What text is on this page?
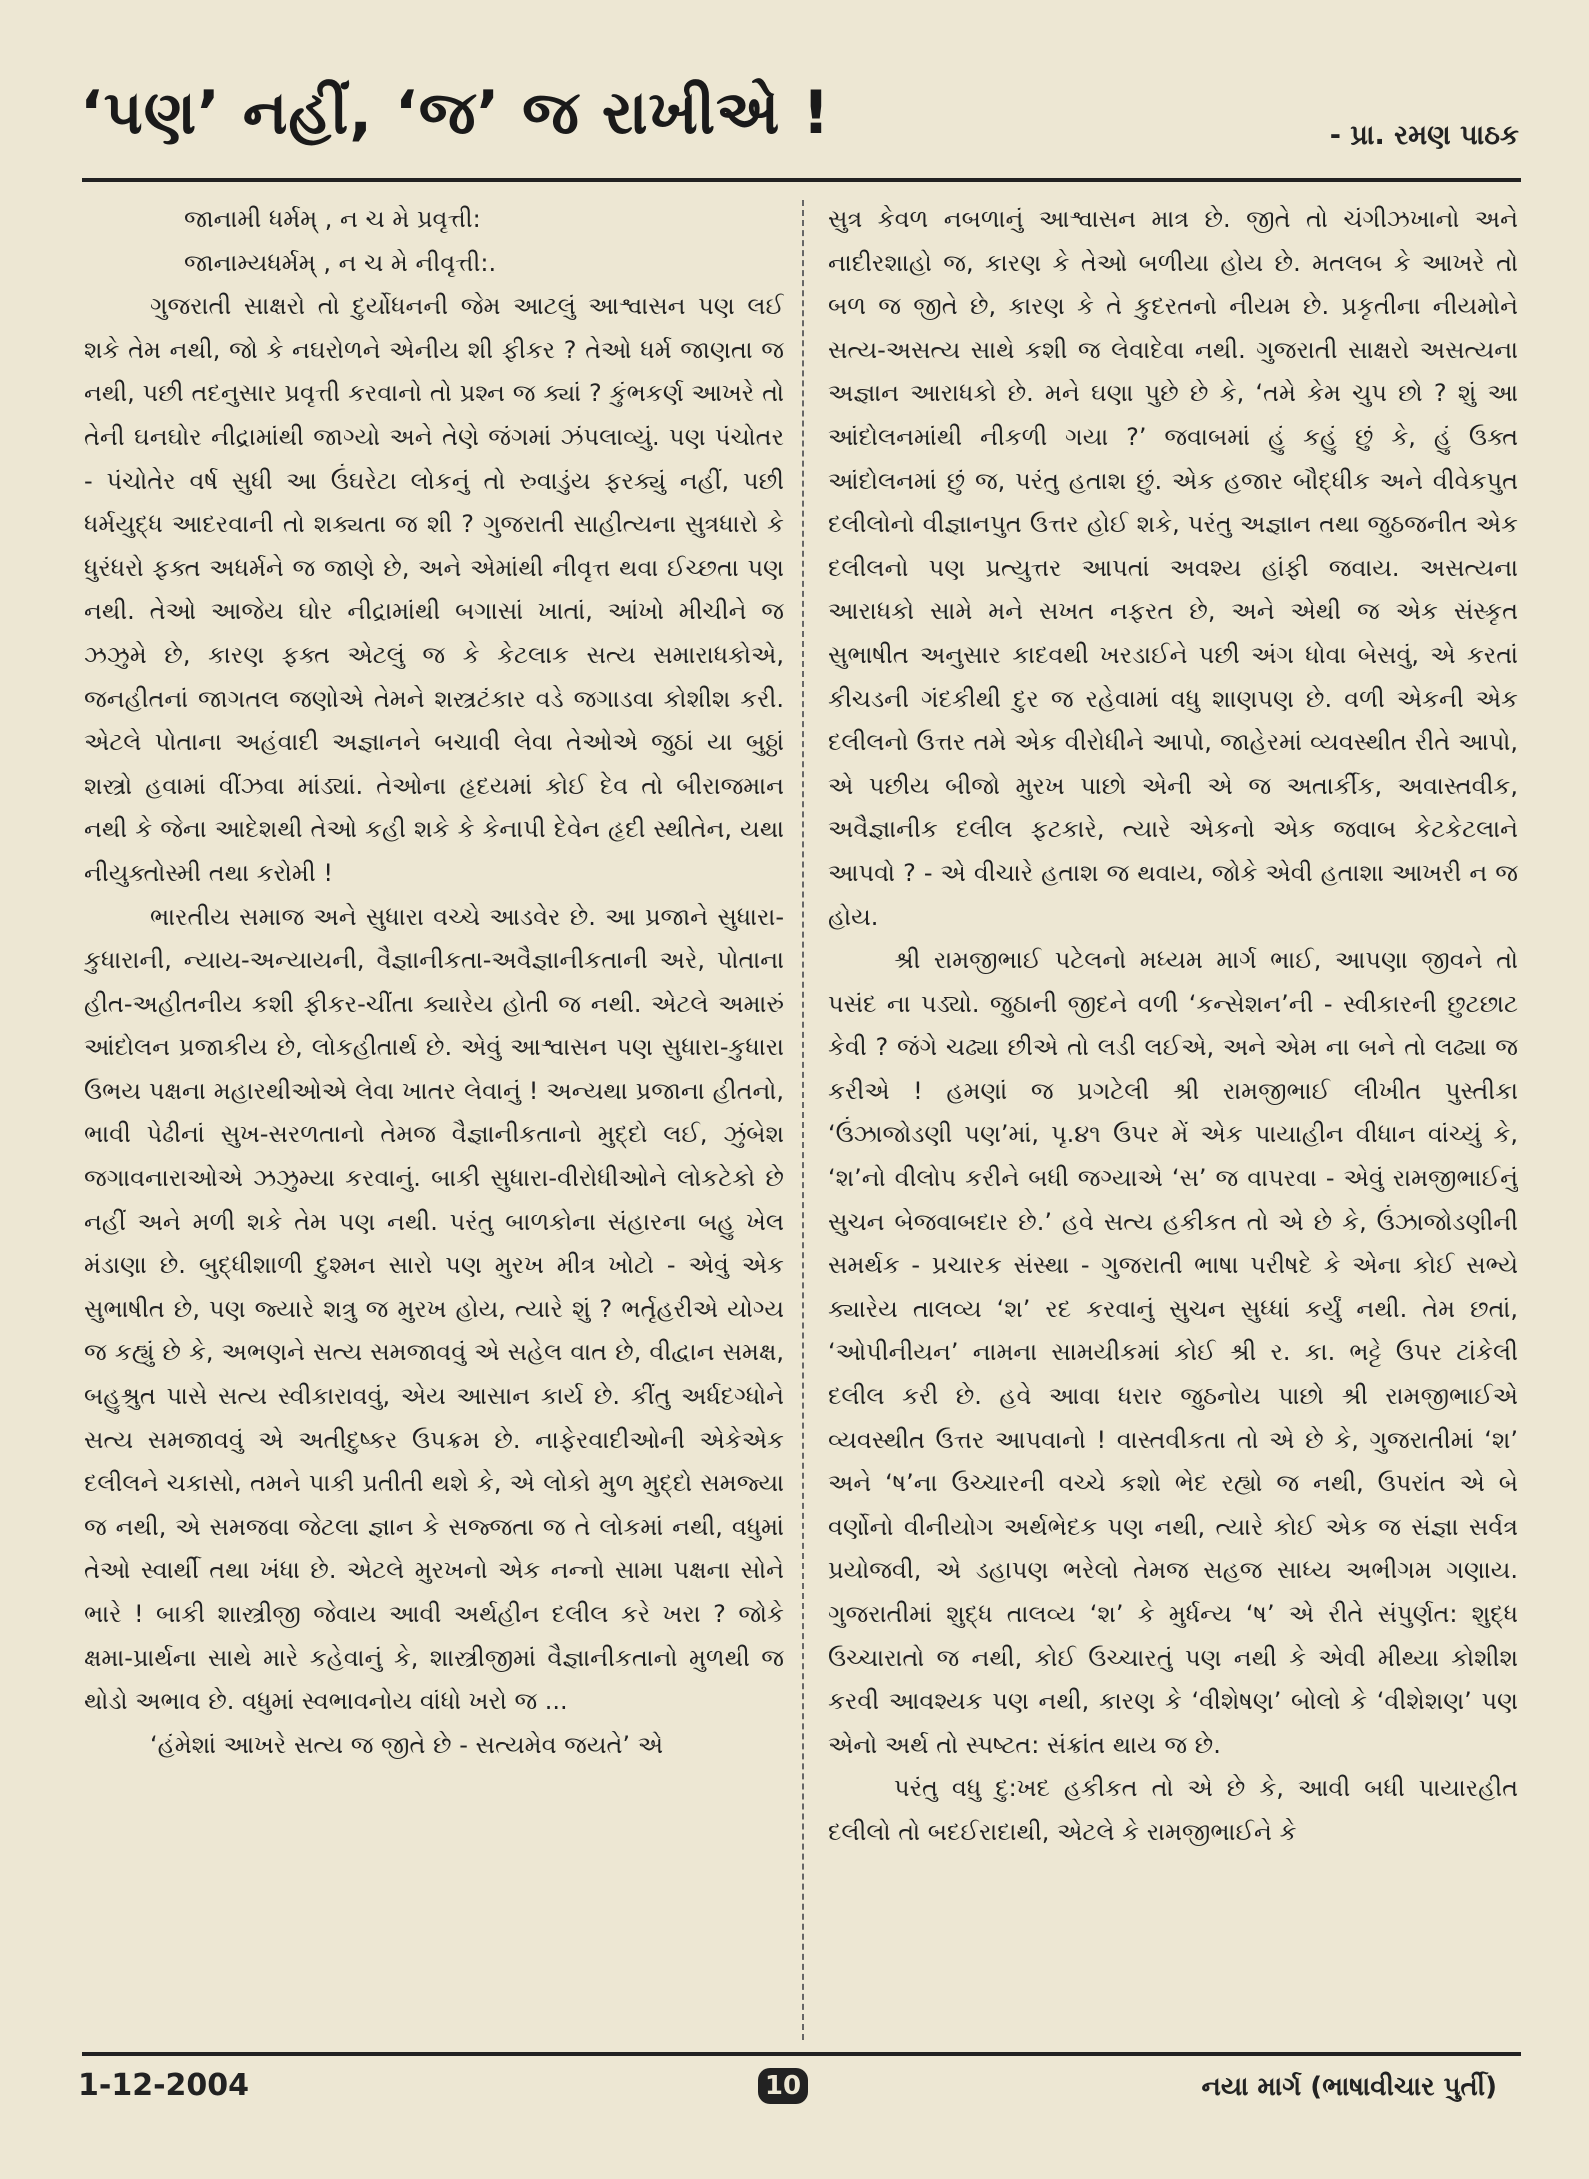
‘પણ’ નહીં, ‘જ’ જ રાખીએ !	- પ્રા. રમણ પાઠક

જાનામી ધર્મમ્ , ન ચ મે પ્રવૃત્તી:

જાનામ્યધર્મમ્ , ન ચ મે નીવૃત્તી:.

ગુજરાતી સાક્ષરો તો દુર્યોધનની જેમ આટલું આશ્વાસન પણ લઈ શકે તેમ નથી, જો કે નઘરોળને એનીય શી ફીકર ? તેઓ ધર્મ જાણતા જ નથી, પછી તદનુસાર પ્રવૃત્તી કરવાનો તો પ્રશ્ન જ ક્યાં ? કુંભકર્ણ આખરે તો તેની ઘનઘોર નીદ્રામાંથી જાગ્યો અને તેણે જંગમાં ઝંપલાવ્યું. પણ પંચોતર - પંચોતેર વર્ષ સુધી આ ઉંઘરેટા લોકનું તો રુવાડુંય ફરક્યું નહીં, પછી ધર્મયુદ્ધ આદરવાની તો શક્યતા જ શી ? ગુજરાતી સાહીત્યના સુત્રધારો કે ધુરંધરો ફક્ત અધર્મને જ જાણે છે, અને એમાંથી નીવૃત્ત થવા ઈચ્છતા પણ નથી. તેઓ આજેય ઘોર નીદ્રામાંથી બગાસાં ખાતાં, આંખો મીચીને જ ઝઝુમે છે, કારણ ફક્ત એટલું જ કે કેટલાક સત્ય સમારાધકોએ, જનહીતનાં જાગતલ જણોએ તેમને શસ્ત્રટંકાર વડે જગાડવા કોશીશ કરી. એટલે પોતાના અહંવાદી અજ્ઞાનને બચાવી લેવા તેઓએ જુઠાં યા બુઠ્ઠાં શસ્ત્રો હવામાં વીંઝવા માંડ્યાં. તેઓના હૃદયમાં કોઈ દેવ તો બીરાજમાન નથી કે જેના આદેશથી તેઓ કહી શકે કે કેનાપી દેવેન હૃદી સ્થીતેન, યથા નીયુક્તોસ્મી તથા કરોમી !

ભારતીય સમાજ અને સુધારા વચ્ચે આડવેર છે. આ પ્રજાને સુધારા-કુધારાની, ન્યાય-અન્યાયની, વૈજ્ઞાનીકતા-અવૈજ્ઞાનીકતાની અરે, પોતાના હીત-અહીતનીય કશી ફીકર-ચીંતા ક્યારેય હોતી જ નથી. એટલે અમારું આંદોલન પ્રજાકીય છે, લોકહીતાર્થ છે. એવું આશ્વાસન પણ સુધારા-કુધારા ઉભય પક્ષના મહારથીઓએ લેવા ખાતર લેવાનું ! અન્યથા પ્રજાના હીતનો, ભાવી પેઢીનાં સુખ-સરળતાનો તેમજ વૈજ્ઞાનીકતાનો મુદ્દો લઈ, ઝુંબેશ જગાવનારાઓએ ઝઝુમ્યા કરવાનું. બાકી સુધારા-વીરોધીઓને લોકટેકો છે નહીં અને મળી શકે તેમ પણ નથી. પરંતુ બાળકોના સંહારના બહુ ખેલ મંડાણા છે. બુદ્ધીશાળી દુશ્મન સારો પણ મુરખ મીત્ર ખોટો - એવું એક સુભાષીત છે, પણ જ્યારે શત્રુ જ મુરખ હોય, ત્યારે શું ? ભર્તૃહરીએ યોગ્ય જ કહ્યું છે કે, અભણને સત્ય સમજાવવું એ સહેલ વાત છે, વીદ્વાન સમક્ષ, બહુશ્રુત પાસે સત્ય સ્વીકારાવવું, એય આસાન કાર્ય છે. કીંતુ અર્ધદગ્ધોને સત્ય સમજાવવું એ અતીદુષ્કર ઉપક્રમ છે. નાફેરવાદીઓની એકેએક દલીલને ચકાસો, તમને પાકી પ્રતીતી થશે કે, એ લોકો મુળ મુદ્દો સમજ્યા જ નથી, એ સમજવા જેટલા જ્ઞાન કે સજ્જતા જ તે લોકમાં નથી, વધુમાં તેઓ સ્વાર્થી તથા ખંધા છે. એટલે મુરખનો એક નન્નો સામા પક્ષના સોને ભારે ! બાકી શાસ્ત્રીજી જેવાય આવી અર્થહીન દલીલ કરે ખરા ? જોકે ક્ષમા-પ્રાર્થના સાથે મારે કહેવાનું કે, શાસ્ત્રીજીમાં વૈજ્ઞાનીકતાનો મુળથી જ થોડો અભાવ છે. વધુમાં સ્વભાવનોય વાંધો ખરો જ ...

‘હંમેશાં આખરે સત્ય જ જીતે છે - સત્યમેવ જયતે’ એ

સુત્ર કેવળ નબળાનું આશ્વાસન માત્ર છે. જીતે તો ચંગીઝખાનો અને નાદીરશાહો જ, કારણ કે તેઓ બળીયા હોય છે. મતલબ કે આખરે તો બળ જ જીતે છે, કારણ કે તે કુદરતનો નીયમ છે. પ્રકૃતીના નીયમોને સત્ય-અસત્ય સાથે કશી જ લેવાદેવા નથી. ગુજરાતી સાક્ષરો અસત્યના અજ્ઞાન આરાધકો છે. મને ઘણા પુછે છે કે, ‘તમે કેમ ચુપ છો ? શું આ આંદોલનમાંથી નીકળી ગયા ?’ જવાબમાં હું કહું છું કે, હું ઉક્ત આંદોલનમાં છું જ, પરંતુ હતાશ છું. એક હજાર બૌદ્ધીક અને વીવેકપુત દલીલોનો વીજ્ઞાનપુત ઉત્તર હોઈ શકે, પરંતુ અજ્ઞાન તથા જુઠજનીત એક દલીલનો પણ પ્રત્યુત્તર આપતાં અવશ્ય હાંફી જવાય. અસત્યના આરાધકો સામે મને સખત નફરત છે, અને એથી જ એક સંસ્કૃત સુભાષીત અનુસાર કાદવથી ખરડાઈને પછી અંગ ધોવા બેસવું, એ કરતાં કીચડની ગંદકીથી દુર જ રહેવામાં વધુ શાણપણ છે. વળી એકની એક દલીલનો ઉત્તર તમે એક વીરોધીને આપો, જાહેરમાં વ્યવસ્થીત રીતે આપો, એ પછીય બીજો મુરખ પાછો એની એ જ અતાર્કીક, અવાસ્તવીક, અવૈજ્ઞાનીક દલીલ ફટકારે, ત્યારે એકનો એક જવાબ કેટકેટલાને આપવો ? - એ વીચારે હતાશ જ થવાય, જોકે એવી હતાશા આખરી ન જ હોય.

શ્રી રામજીભાઈ પટેલનો મધ્યમ માર્ગ ભાઈ, આપણા જીવને તો પસંદ ના પડ્યો. જુઠાની જીદને વળી ‘કન્સેશન’ની - સ્વીકારની છુટછાટ કેવી ? જંગે ચઢ્યા છીએ તો લડી લઈએ, અને એમ ના બને તો લઢ્યા જ કરીએ ! હમણાં જ પ્રગટેલી શ્રી રામજીભાઈ લીખીત પુસ્તીકા ‘ઉંઝાજોડણી પણ’માં, પૃ.૪૧ ઉપર મેં એક પાયાહીન વીધાન વાંચ્યું કે, ‘શ’નો વીલોપ કરીને બધી જગ્યાએ ‘સ’ જ વાપરવા - એવું રામજીભાઈનું સુચન બેજવાબદાર છે.’ હવે સત્ય હકીકત તો એ છે કે, ઉંઝાજોડણીની સમર્થક - પ્રચારક સંસ્થા - ગુજરાતી ભાષા પરીષદે કે એના કોઈ સભ્યે ક્યારેય તાલવ્ય ‘શ’ રદ કરવાનું સુચન સુધ્ધાં કર્યું નથી. તેમ છતાં, ‘ઓપીનીયન’ નામના સામયીકમાં કોઈ શ્રી ર. કા. ભટ્ટે ઉપર ટાંકેલી દલીલ કરી છે. હવે આવા ધરાર જુઠનોય પાછો શ્રી રામજીભાઈએ વ્યવસ્થીત ઉત્તર આપવાનો ! વાસ્તવીકતા તો એ છે કે, ગુજરાતીમાં ‘શ’ અને ‘ષ’ના ઉચ્ચારની વચ્ચે કશો ભેદ રહ્યો જ નથી, ઉપરાંત એ બે વર્ણોનો વીનીયોગ અર્થભેદક પણ નથી, ત્યારે કોઈ એક જ સંજ્ઞા સર્વત્ર પ્રયોજવી, એ ડહાપણ ભરેલો તેમજ સહજ સાધ્ય અભીગમ ગણાય. ગુજરાતીમાં શુદ્ધ તાલવ્ય ‘શ’ કે મુર્ધન્ય ‘ષ’ એ રીતે સંપુર્ણત: શુદ્ધ ઉચ્ચારાતો જ નથી, કોઈ ઉચ્ચારતું પણ નથી કે એવી મીથ્યા કોશીશ કરવી આવશ્યક પણ નથી, કારણ કે ‘વીશેષણ’ બોલો કે ‘વીશેશણ’ પણ એનો અર્થ તો સ્પષ્ટત: સંક્રાંત થાય જ છે.

પરંતુ વધુ દુ:ખદ હકીકત તો એ છે કે, આવી બધી પાયારહીત દલીલો તો બદઈરાદાથી, એટલે કે રામજીભાઈને કે

1-12-2004	10	નયા માર્ગ (ભાષાવીચાર પુર્તી)
